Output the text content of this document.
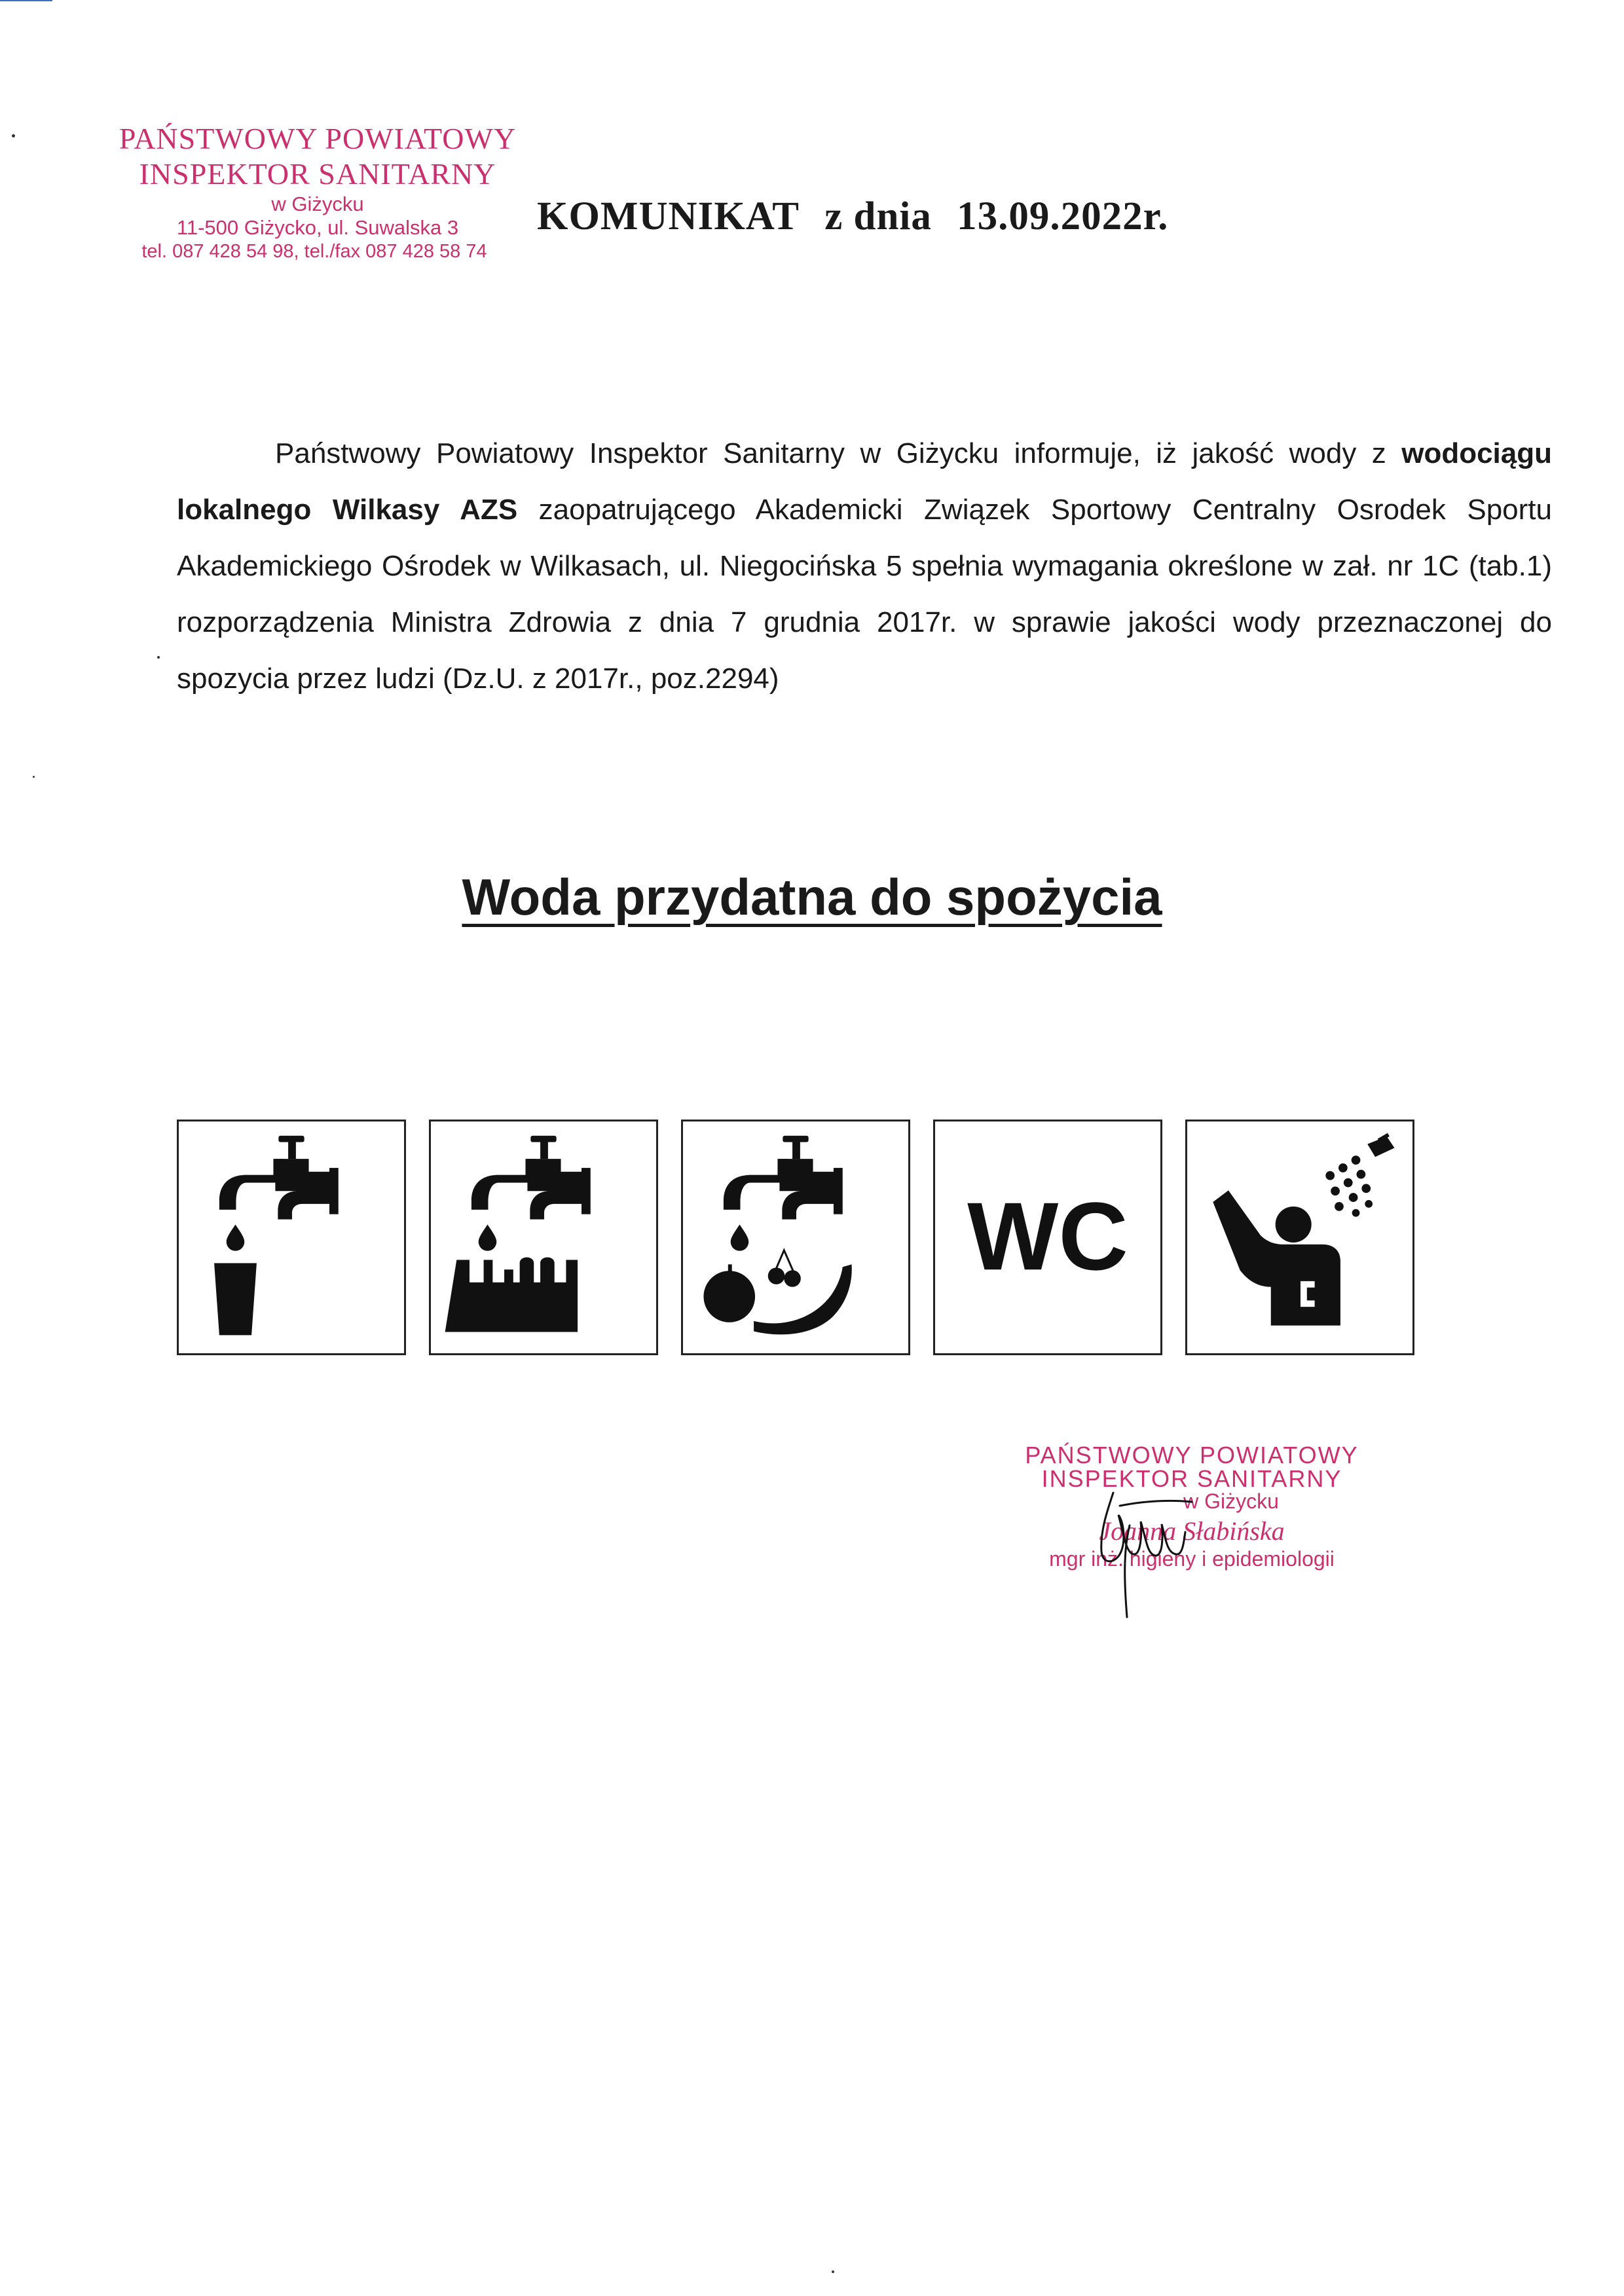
PAŃSTWOWY POWIATOWY
INSPEKTOR SANITARNY
w Giżycku
11-500 Giżycko, ul. Suwalska 3
tel. 087 428 54 98, tel./fax 087 428 58 74
KOMUNIKAT z dnia 13.09.2022r.
Państwowy Powiatowy Inspektor Sanitarny w Giżycku informuje, iż jakość wody z wodociągu lokalnego Wilkasy AZS zaopatrującego Akademicki Związek Sportowy Centralny Osrodek Sportu Akademickiego Ośrodek w Wilkasach, ul. Niegocińska 5 spełnia wymagania określone w zał. nr 1C (tab.1) rozporządzenia Ministra Zdrowia z dnia 7 grudnia 2017r. w sprawie jakości wody przeznaczonej do spozycia przez ludzi (Dz.U. z 2017r., poz.2294)
Woda przydatna do spożycia
WC
PAŃSTWOWY POWIATOWY
INSPEKTOR SANITARNY
w Giżycku
Joanna Słabińska
mgr inż. higieny i epidemiologii
